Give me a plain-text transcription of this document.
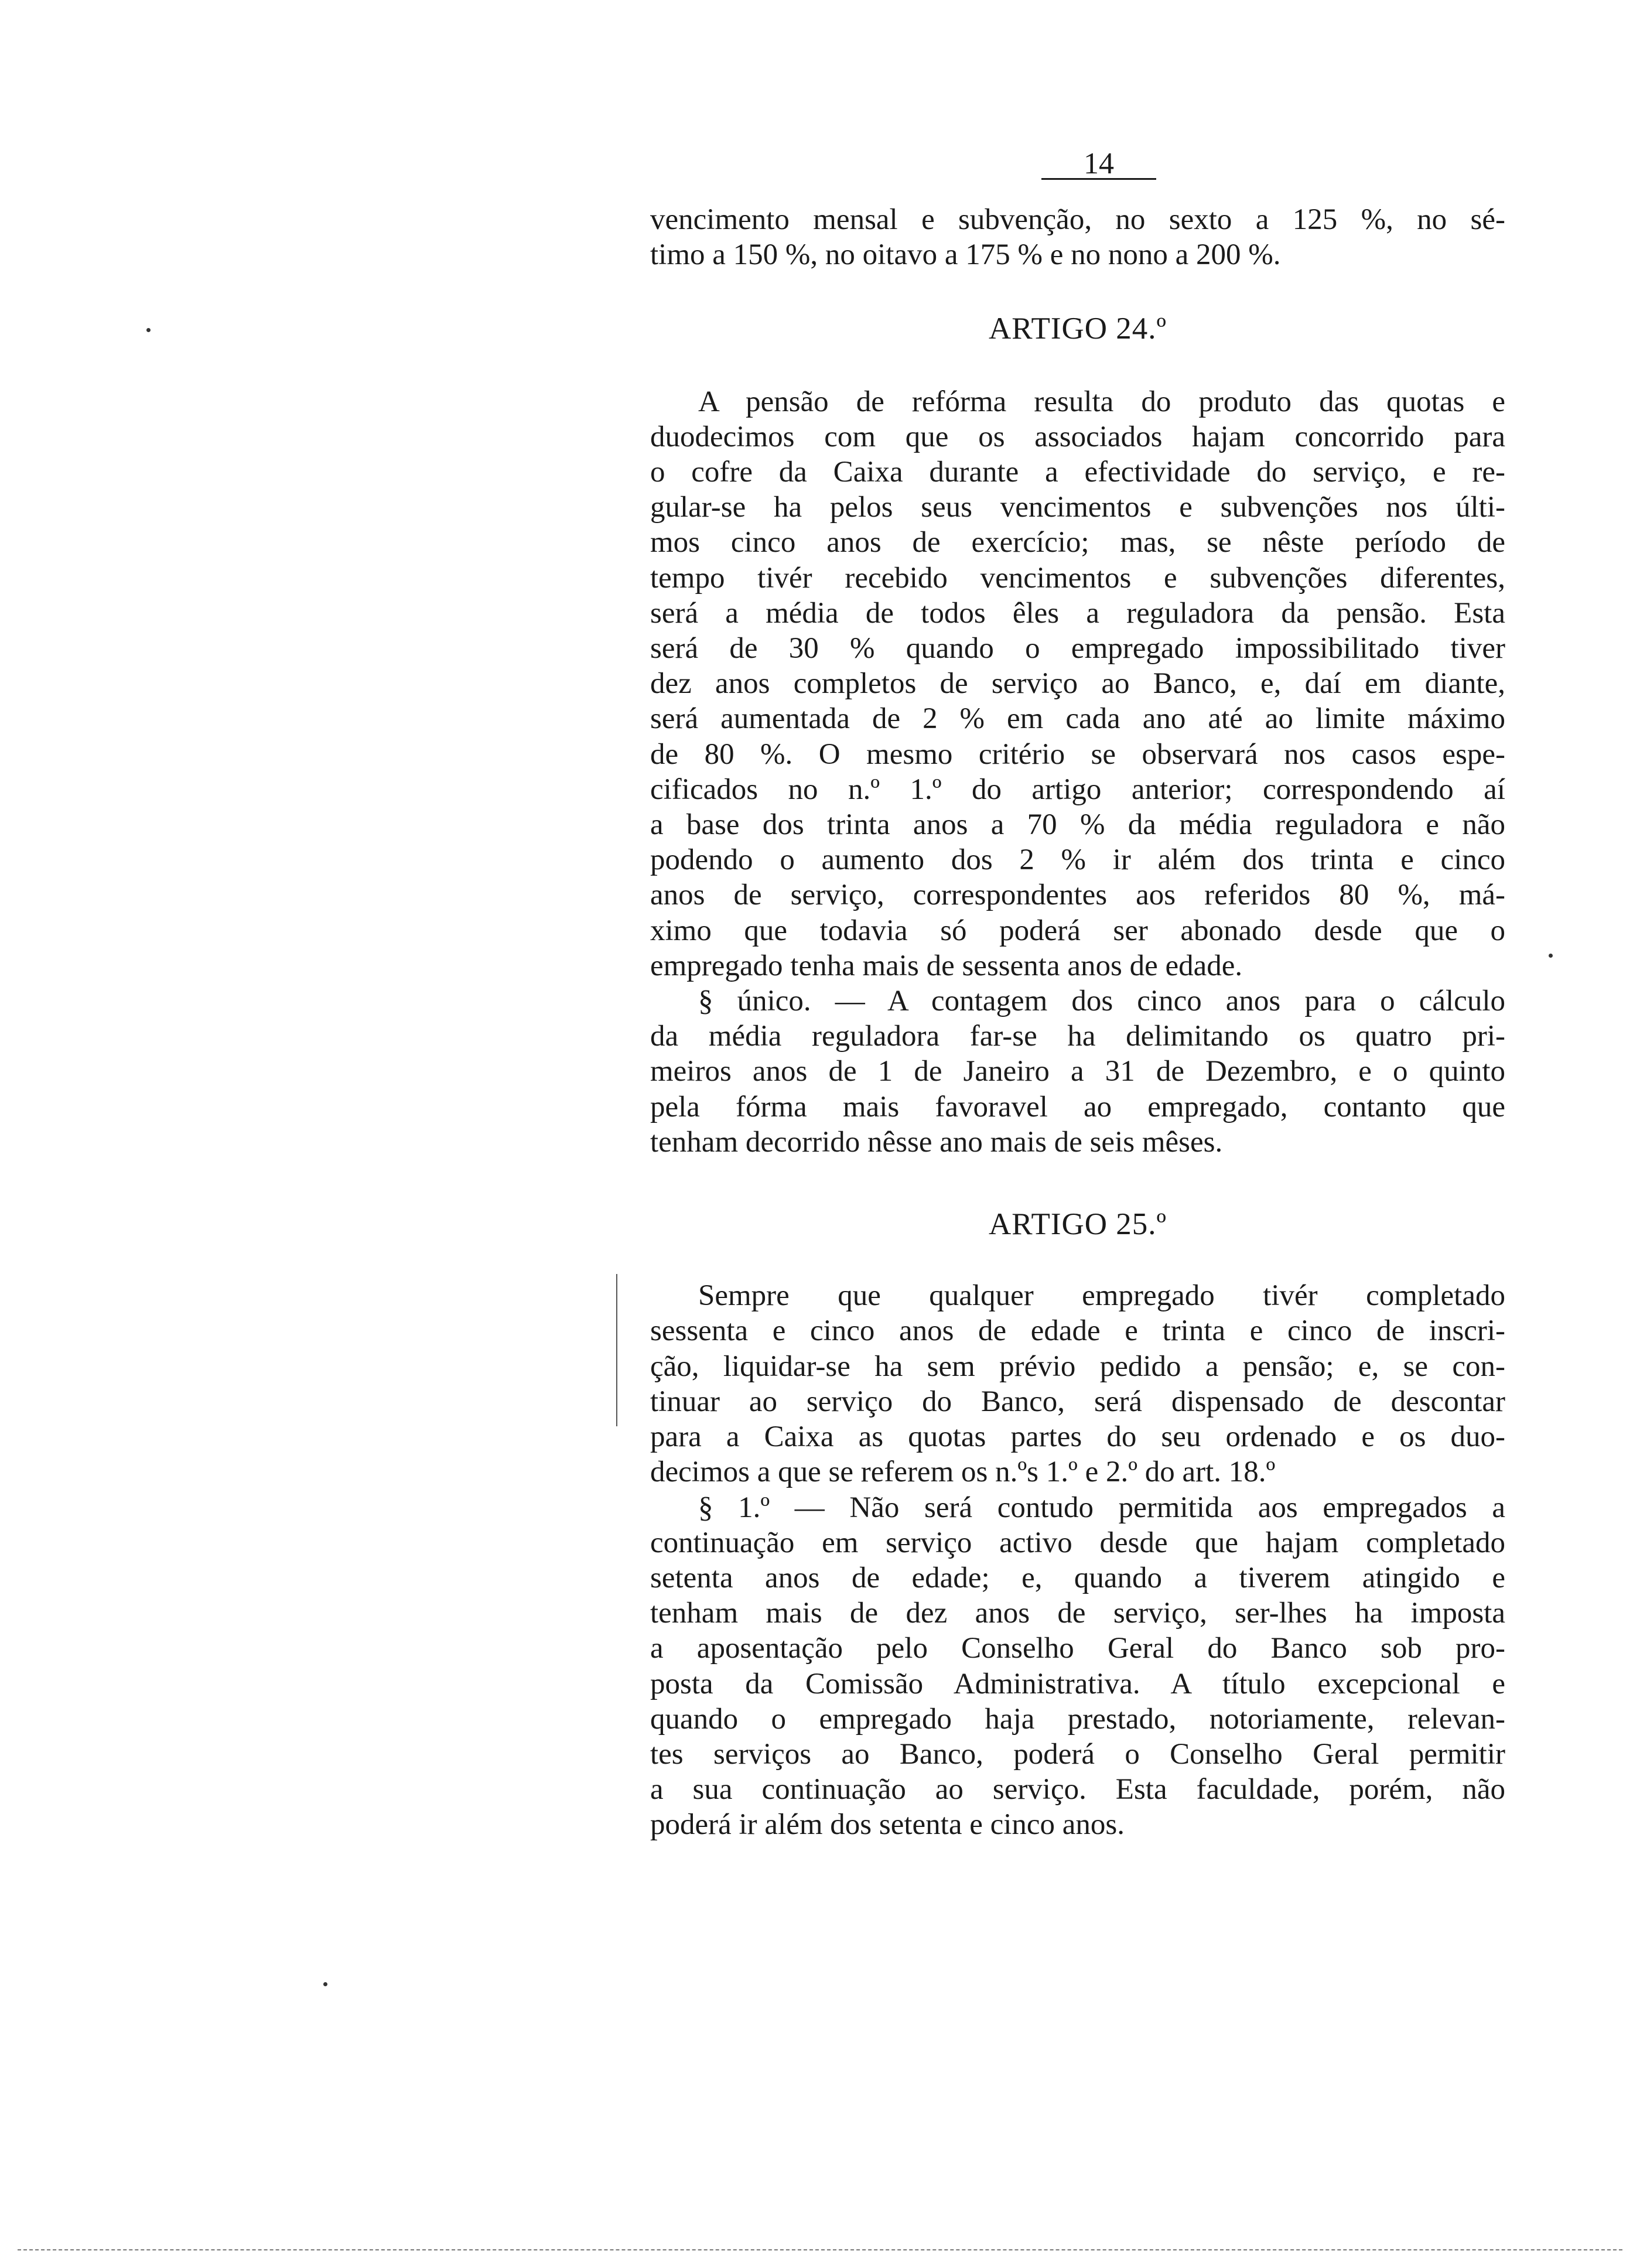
14
vencimento mensal e subvenção, no sexto a 125 %, no sé-
timo a 150 %, no oitavo a 175 % e no nono a 200 %.
ARTIGO 24.º
A pensão de refórma resulta do produto das quotas e
duodecimos com que os associados hajam concorrido para
o cofre da Caixa durante a efectividade do serviço, e re-
gular-se ha pelos seus vencimentos e subvenções nos últi-
mos cinco anos de exercício; mas, se nêste período de
tempo tivér recebido vencimentos e subvenções diferentes,
será a média de todos êles a reguladora da pensão. Esta
será de 30 % quando o empregado impossibilitado tiver
dez anos completos de serviço ao Banco, e, daí em diante,
será aumentada de 2 % em cada ano até ao limite máximo
de 80 %. O mesmo critério se observará nos casos espe-
cificados no n.º 1.º do artigo anterior; correspondendo aí
a base dos trinta anos a 70 % da média reguladora e não
podendo o aumento dos 2 % ir além dos trinta e cinco
anos de serviço, correspondentes aos referidos 80 %, má-
ximo que todavia só poderá ser abonado desde que o
empregado tenha mais de sessenta anos de edade.
§ único. — A contagem dos cinco anos para o cálculo
da média reguladora far-se ha delimitando os quatro pri-
meiros anos de 1 de Janeiro a 31 de Dezembro, e o quinto
pela fórma mais favoravel ao empregado, contanto que
tenham decorrido nêsse ano mais de seis mêses.
ARTIGO 25.º
Sempre que qualquer empregado tivér completado
sessenta e cinco anos de edade e trinta e cinco de inscri-
ção, liquidar-se ha sem prévio pedido a pensão; e, se con-
tinuar ao serviço do Banco, será dispensado de descontar
para a Caixa as quotas partes do seu ordenado e os duo-
decimos a que se referem os n.ºs 1.º e 2.º do art. 18.º
§ 1.º — Não será contudo permitida aos empregados a
continuação em serviço activo desde que hajam completado
setenta anos de edade; e, quando a tiverem atingido e
tenham mais de dez anos de serviço, ser-lhes ha imposta
a aposentação pelo Conselho Geral do Banco sob pro-
posta da Comissão Administrativa. A título excepcional e
quando o empregado haja prestado, notoriamente, relevan-
tes serviços ao Banco, poderá o Conselho Geral permitir
a sua continuação ao serviço. Esta faculdade, porém, não
poderá ir além dos setenta e cinco anos.
